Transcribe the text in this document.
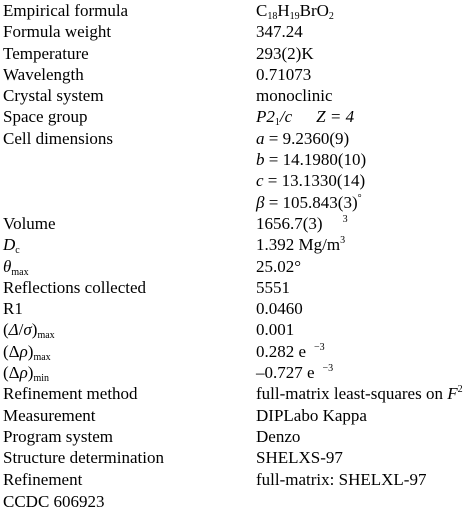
Empirical formula	$C_{18}H_{19}BrO_2$
Formula weight	347.24
Temperature	293(2)K
Wavelength	0.71073
Crystal system	monoclinic
Space group	$P2_1/c$ Z = 4
Cell dimensions	a = 9.2360(9)
b = 14.1980(10)
c = 13.1330(14)
β = 105.843(3)°
Volume	1656.7(3) $^3$
$D_c$	1.392 $Mg/m^3$
$\theta_{max}$	25.02°
Reflections collected	5551
R1	0.0460
$(\Delta/\sigma)_{max}$	0.001
$(\Delta\rho)_{max}$	0.282 e $^{-3}$
$(\Delta\rho)_{min}$	–0.727 e $^{-3}$
Refinement method	full-matrix least-squares on $F^2$
Measurement	DIPLabo Kappa
Program system	Denzo
Structure determination	SHELXS-97
Refinement	full-matrix: SHELXL-97
CCDC 606923
